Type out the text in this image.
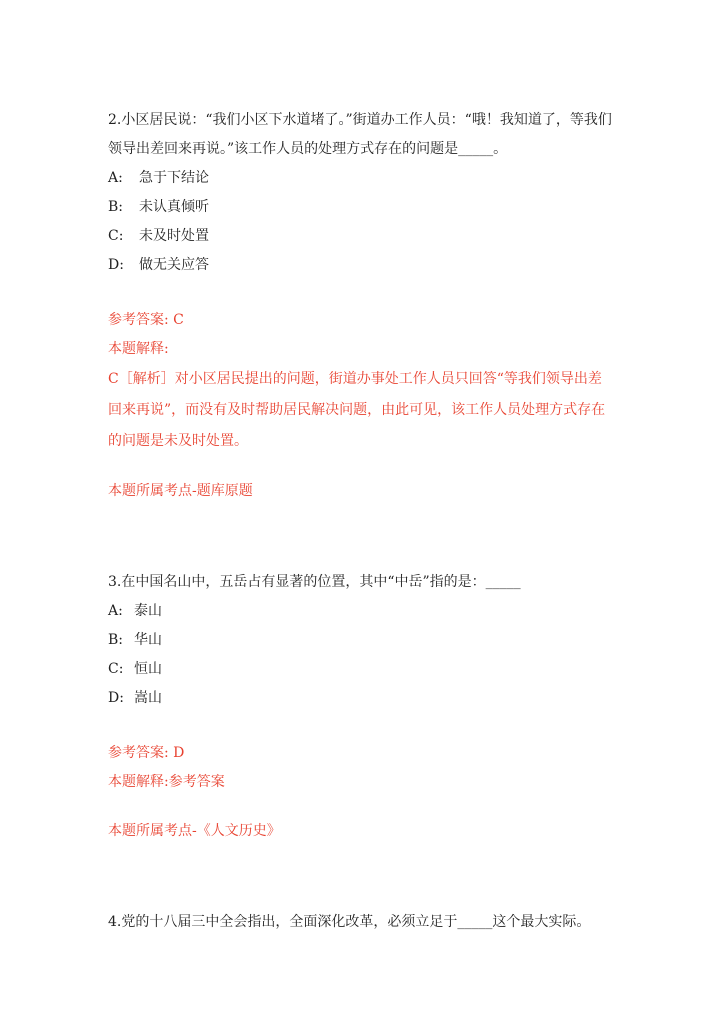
2.小区居民说：“我们小区下水道堵了。”街道办工作人员：“哦！我知道了，等我们领导出差回来再说。”该工作人员的处理方式存在的问题是_____。
A: 急于下结论
B: 未认真倾听
C: 未及时处置
D: 做无关应答
参考答案: C
本题解释:
C［解析］对小区居民提出的问题，街道办事处工作人员只回答“等我们领导出差回来再说”，而没有及时帮助居民解决问题，由此可见，该工作人员处理方式存在的问题是未及时处置。
本题所属考点-题库原题
3.在中国名山中，五岳占有显著的位置，其中“中岳”指的是：_____
A: 泰山
B: 华山
C: 恒山
D: 嵩山
参考答案: D
本题解释:参考答案
本题所属考点-《人文历史》
4.党的十八届三中全会指出，全面深化改革，必须立足于_____这个最大实际。
